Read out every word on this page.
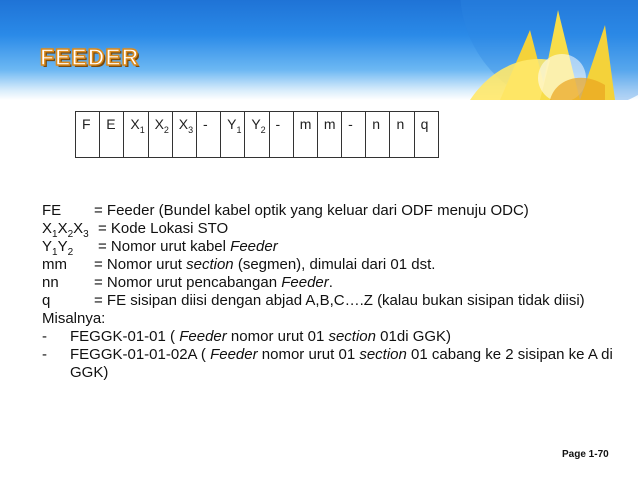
FEEDER
F	E	$X_1$	$X_2$	$X_3$	-	$Y_1$	$Y_2$	-	m	m	-	n	n	q
FE = Feeder (Bundel kabel optik yang keluar dari ODF menuju ODC)
$X_1X_2X_3$ = Kode Lokasi STO
$Y_1Y_2$ = Nomor urut kabel Feeder
mm = Nomor urut section (segmen), dimulai dari 01 dst.
nn = Nomor urut pencabangan Feeder.
q	= FE sisipan diisi dengan abjad A,B,C….Z (kalau bukan sisipan tidak diisi)
Misalnya:
- FEGGK-01-01 ( Feeder nomor urut 01 section 01di GGK)
- FEGGK-01-01-02A ( Feeder nomor urut 01 section 01 cabang ke 2 sisipan ke A di
GGK)
Page 1-70
